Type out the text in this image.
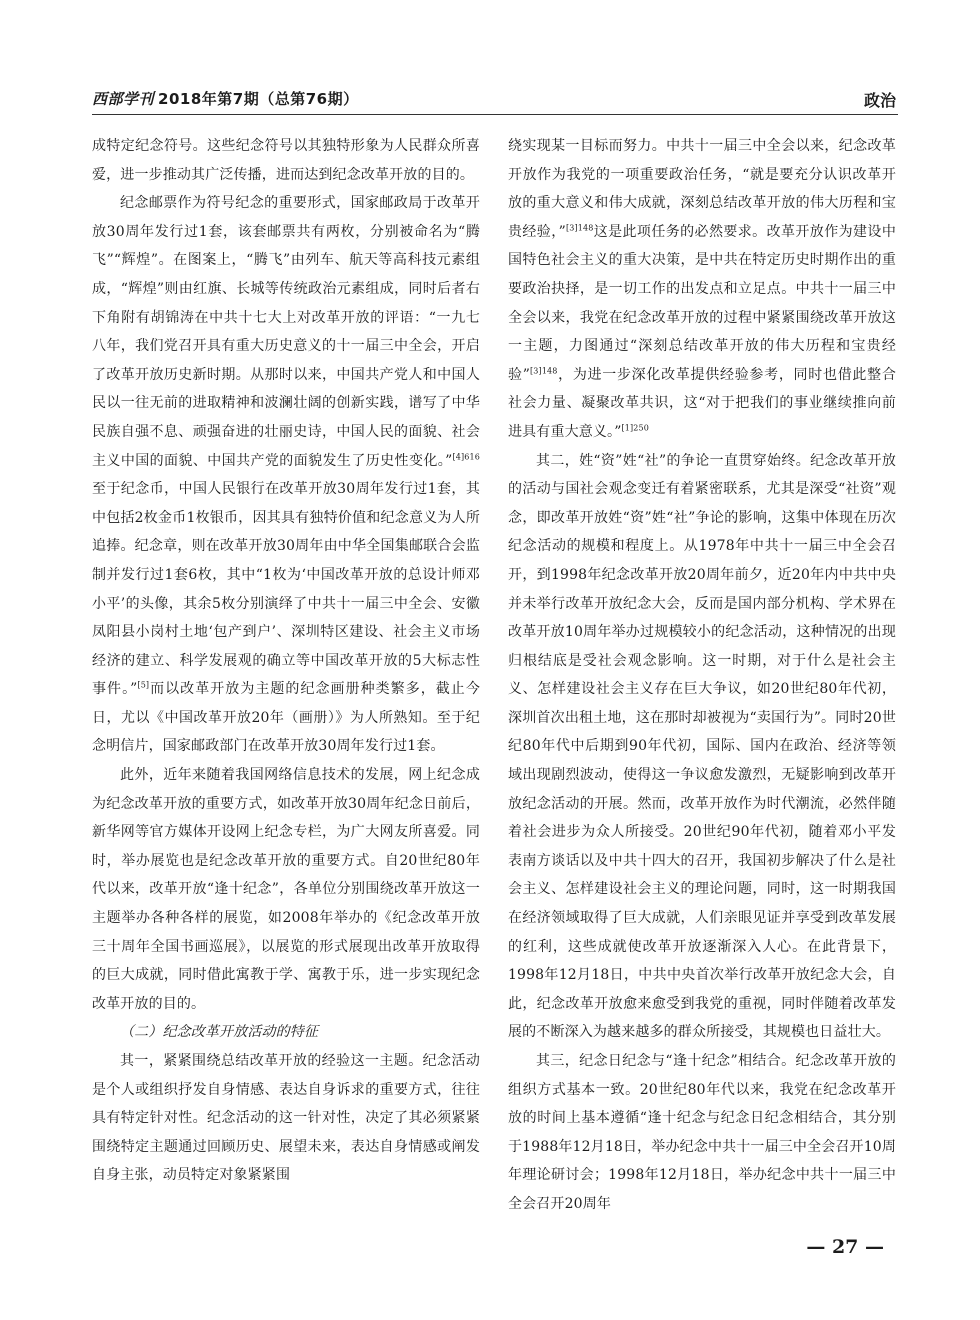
西部学刊 2018年第7期（总第76期）	政治

成特定纪念符号。这些纪念符号以其独特形象为人民群众所喜爱，进一步推动其广泛传播，进而达到纪念改革开放的目的。

纪念邮票作为符号纪念的重要形式，国家邮政局于改革开放30周年发行过1套，该套邮票共有两枚，分别被命名为“腾飞”“辉煌”。在图案上，“腾飞”由列车、航天等高科技元素组成，“辉煌”则由红旗、长城等传统政治元素组成，同时后者右下角附有胡锦涛在中共十七大上对改革开放的评语：“一九七八年，我们党召开具有重大历史意义的十一届三中全会，开启了改革开放历史新时期。从那时以来，中国共产党人和中国人民以一往无前的进取精神和波澜壮阔的创新实践，谱写了中华民族自强不息、顽强奋进的壮丽史诗，中国人民的面貌、社会主义中国的面貌、中国共产党的面貌发生了历史性变化。”$^{[4]616}$至于纪念币，中国人民银行在改革开放30周年发行过1套，其中包括2枚金币1枚银币，因其具有独特价值和纪念意义为人所追捧。纪念章，则在改革开放30周年由中华全国集邮联合会监制并发行过1套6枚，其中“1枚为‘中国改革开放的总设计师邓小平’的头像，其余5枚分别演绎了中共十一届三中全会、安徽凤阳县小岗村土地‘包产到户’、深圳特区建设、社会主义市场经济的建立、科学发展观的确立等中国改革开放的5大标志性事件。”[5]而以改革开放为主题的纪念画册种类繁多，截止今日，尤以《中国改革开放20年（画册）》为人所熟知。至于纪念明信片，国家邮政部门在改革开放30周年发行过1套。

此外，近年来随着我国网络信息技术的发展，网上纪念成为纪念改革开放的重要方式，如改革开放30周年纪念日前后，新华网等官方媒体开设网上纪念专栏，为广大网友所喜爱。同时，举办展览也是纪念改革开放的重要方式。自20世纪80年代以来，改革开放“逢十纪念”，各单位分别围绕改革开放这一主题举办各种各样的展览，如2008年举办的《纪念改革开放三十周年全国书画巡展》，以展览的形式展现出改革开放取得的巨大成就，同时借此寓教于学、寓教于乐，进一步实现纪念改革开放的目的。

（二）纪念改革开放活动的特征

其一，紧紧围绕总结改革开放的经验这一主题。纪念活动是个人或组织抒发自身情感、表达自身诉求的重要方式，往往具有特定针对性。纪念活动的这一针对性，决定了其必须紧紧围绕特定主题通过回顾历史、展望未来，表达自身情感或阐发自身主张，动员特定对象紧紧围

绕实现某一目标而努力。中共十一届三中全会以来，纪念改革开放作为我党的一项重要政治任务，“就是要充分认识改革开放的重大意义和伟大成就，深刻总结改革开放的伟大历程和宝贵经验，”$^{[3]148}$这是此项任务的必然要求。改革开放作为建设中国特色社会主义的重大决策，是中共在特定历史时期作出的重要政治抉择，是一切工作的出发点和立足点。中共十一届三中全会以来，我党在纪念改革开放的过程中紧紧围绕改革开放这一主题，力图通过“深刻总结改革开放的伟大历程和宝贵经验”$^{[3]148}$，为进一步深化改革提供经验参考，同时也借此整合社会力量、凝聚改革共识，这“对于把我们的事业继续推向前进具有重大意义。”$^{[1]250}$

其二，姓“资”姓“社”的争论一直贯穿始终。纪念改革开放的活动与国社会观念变迁有着紧密联系，尤其是深受“社资”观念，即改革开放姓“资”姓“社”争论的影响，这集中体现在历次纪念活动的规模和程度上。从1978年中共十一届三中全会召开，到1998年纪念改革开放20周年前夕，近20年内中共中央并未举行改革开放纪念大会，反而是国内部分机构、学术界在改革开放10周年举办过规模较小的纪念活动，这种情况的出现归根结底是受社会观念影响。这一时期，对于什么是社会主义、怎样建设社会主义存在巨大争议，如20世纪80年代初，深圳首次出租土地，这在那时却被视为“卖国行为”。同时20世纪80年代中后期到90年代初，国际、国内在政治、经济等领域出现剧烈波动，使得这一争议愈发激烈，无疑影响到改革开放纪念活动的开展。然而，改革开放作为时代潮流，必然伴随着社会进步为众人所接受。20世纪90年代初，随着邓小平发表南方谈话以及中共十四大的召开，我国初步解决了什么是社会主义、怎样建设社会主义的理论问题，同时，这一时期我国在经济领域取得了巨大成就，人们亲眼见证并享受到改革发展的红利，这些成就使改革开放逐渐深入人心。在此背景下，1998年12月18日，中共中央首次举行改革开放纪念大会，自此，纪念改革开放愈来愈受到我党的重视，同时伴随着改革发展的不断深入为越来越多的群众所接受，其规模也日益壮大。

其三，纪念日纪念与“逢十纪念”相结合。纪念改革开放的组织方式基本一致。20世纪80年代以来，我党在纪念改革开放的时间上基本遵循“逢十纪念与纪念日纪念相结合，其分别于1988年12月18日，举办纪念中共十一届三中全会召开10周年理论研讨会；1998年12月18日，举办纪念中共十一届三中全会召开20周年

— 27 —
